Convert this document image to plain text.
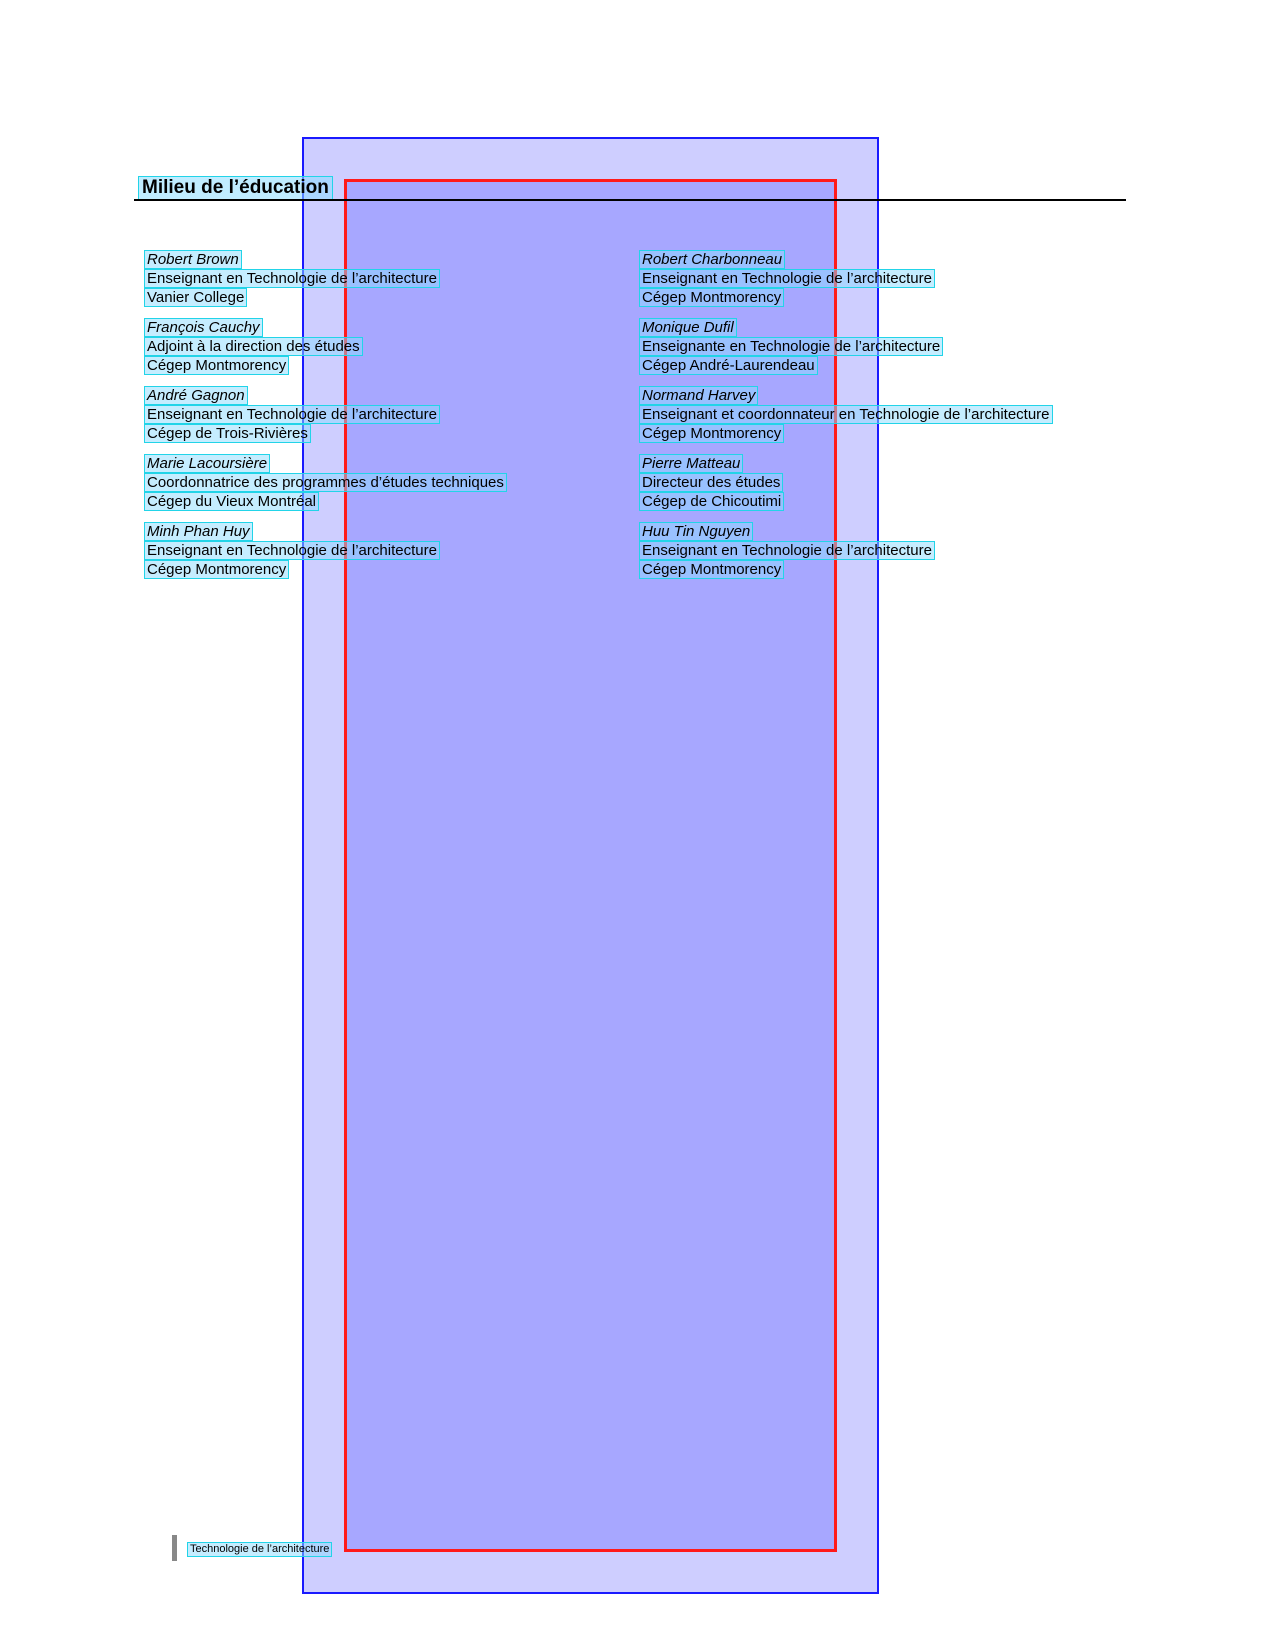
Milieu de l’éducation
Robert Brown
Enseignant en Technologie de l’architecture
Vanier College
François Cauchy
Adjoint à la direction des études
Cégep Montmorency
André Gagnon
Enseignant en Technologie de l’architecture
Cégep de Trois-Rivières
Marie Lacoursière
Coordonnatrice des programmes d’études techniques
Cégep du Vieux Montréal
Minh Phan Huy
Enseignant en Technologie de l’architecture
Cégep Montmorency
Robert Charbonneau
Enseignant en Technologie de l’architecture
Cégep Montmorency
Monique Dufil
Enseignante en Technologie de l’architecture
Cégep André-Laurendeau
Normand Harvey
Enseignant et coordonnateur en Technologie de l’architecture
Cégep Montmorency
Pierre Matteau
Directeur des études
Cégep de Chicoutimi
Huu Tin Nguyen
Enseignant en Technologie de l’architecture
Cégep Montmorency
Technologie de l’architecture
